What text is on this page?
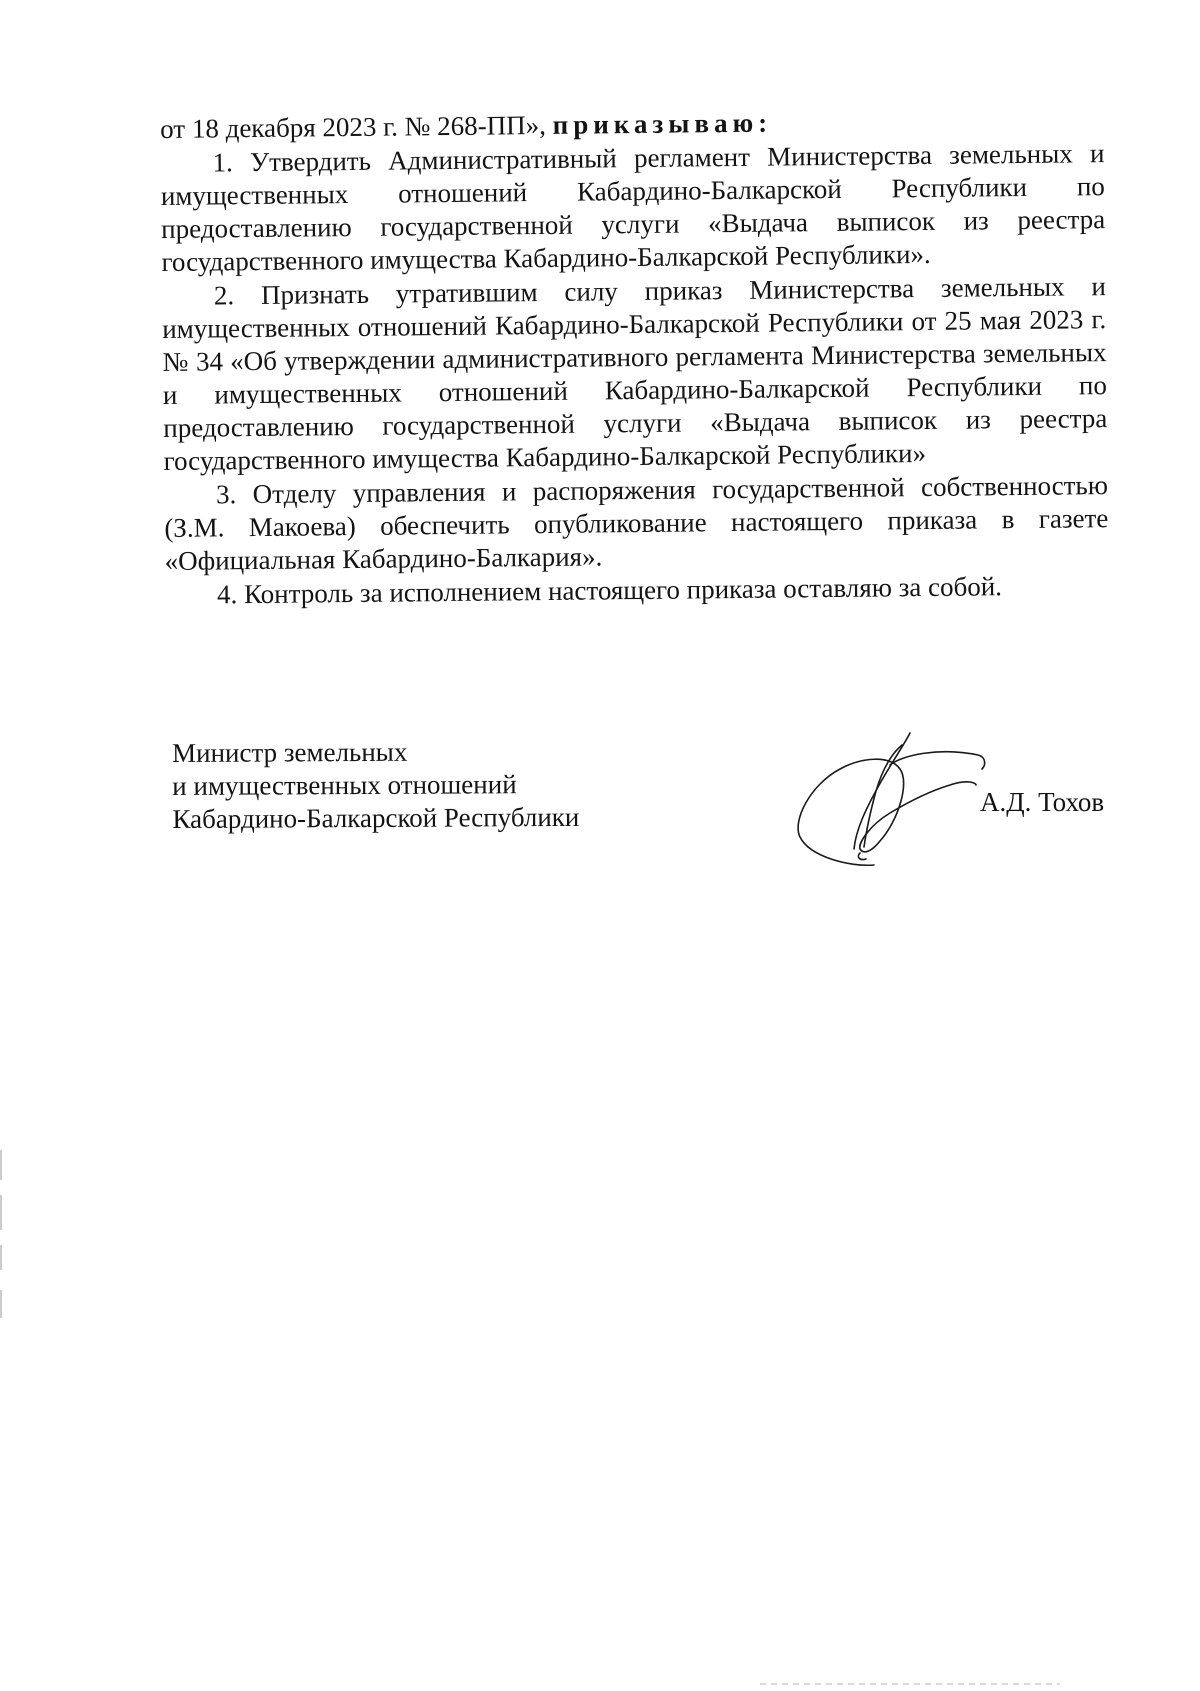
от 18 декабря 2023 г. № 268-ПП», приказываю:

1. Утвердить Административный регламент Министерства земельных и имущественных отношений Кабардино-Балкарской Республики по предоставлению государственной услуги «Выдача выписок из реестра государственного имущества Кабардино-Балкарской Республики».

2. Признать утратившим силу приказ Министерства земельных и имущественных отношений Кабардино-Балкарской Республики от 25 мая 2023 г. № 34 «Об утверждении административного регламента Министерства земельных и имущественных отношений Кабардино-Балкарской Республики по предоставлению государственной услуги «Выдача выписок из реестра государственного имущества Кабардино-Балкарской Республики»

3. Отделу управления и распоряжения государственной собственностью (З.М. Макоева) обеспечить опубликование настоящего приказа в газете «Официальная Кабардино-Балкария».

4. Контроль за исполнением настоящего приказа оставляю за собой.

Министр земельных
и имущественных отношений
Кабардино-Балкарской Республики	А.Д. Тохов
